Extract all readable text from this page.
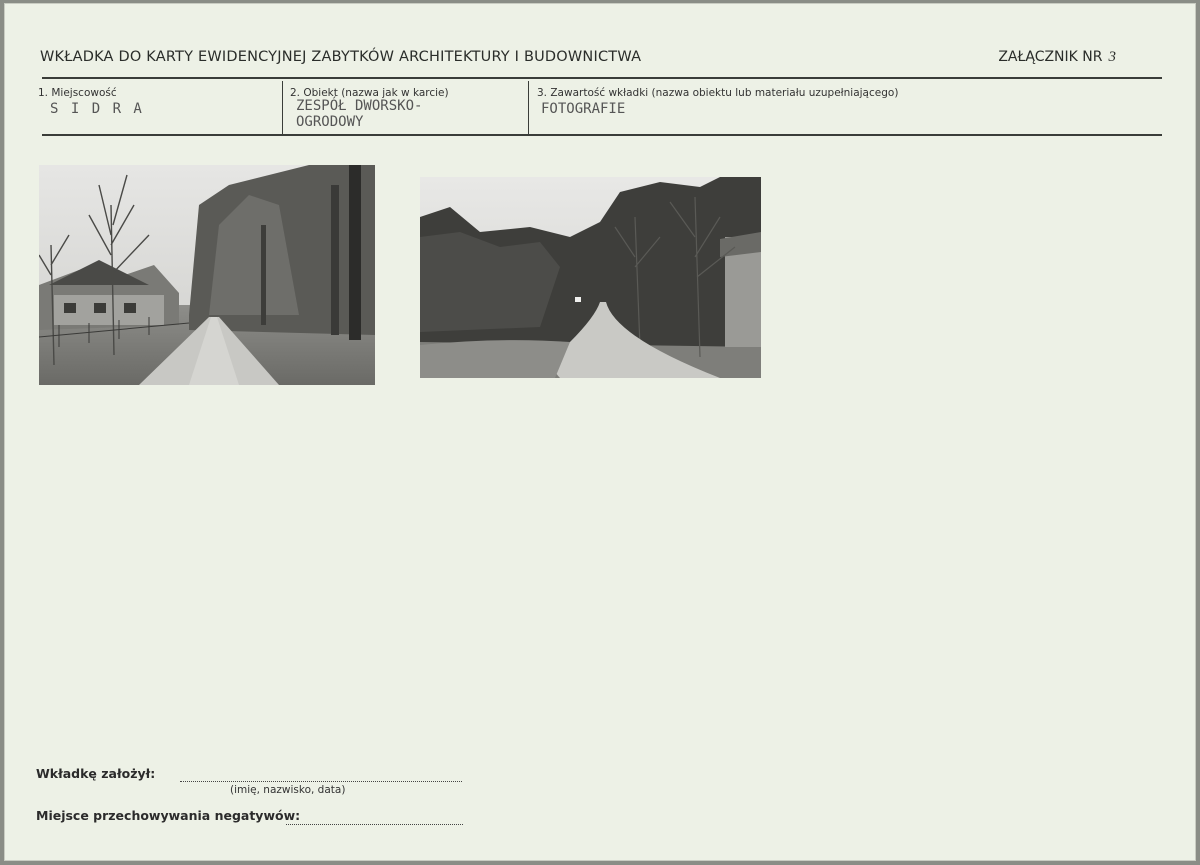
WKŁADKA DO KARTY EWIDENCYJNEJ ZABYTKÓW ARCHITEKTURY I BUDOWNICTWA	ZAŁĄCZNIK NR 3
1. Miejscowość
S I D R A
2. Obiekt (nazwa jak w karcie)
ZESPÓŁ DWORSKO-
OGRODOWY
3. Zawartość wkładki (nazwa obiektu lub materiału uzupełniającego)
FOTOGRAFIE
Wkładkę założył:
(imię, nazwisko, data)
Miejsce przechowywania negatywów:
